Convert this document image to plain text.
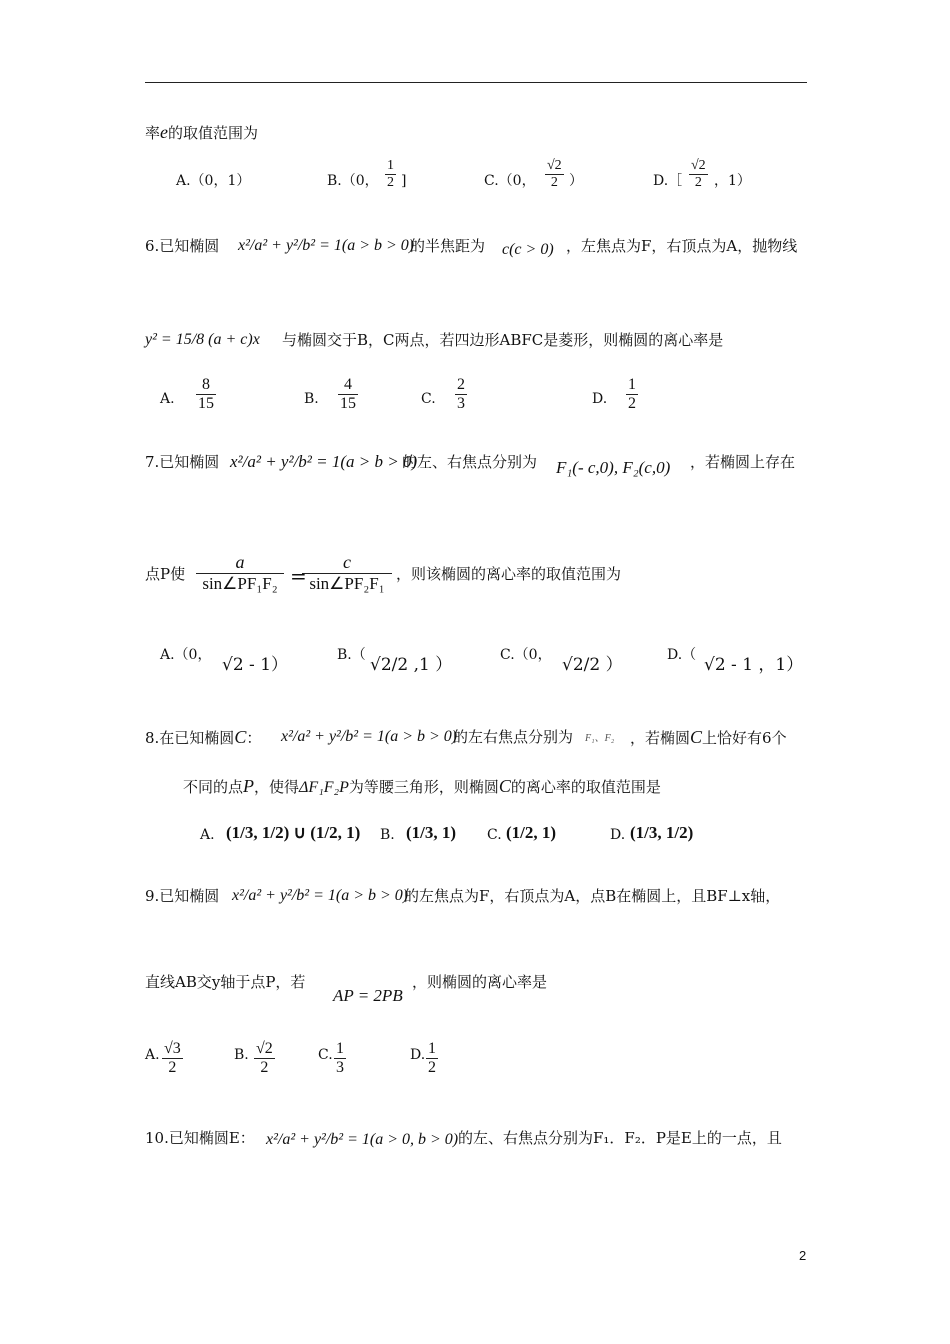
率e的取值范围为
A.（0，1）	B.（0， $\frac{1}{2}$ ]	C.（0， $\frac{√2}{2}$ ）	D.［ $\frac{√2}{2}$ ，1）
6.已知椭圆 x²/a² + y²/b² = 1(a > b > 0)
的半焦距为 c(c > 0) ，左焦点为F，右顶点为A，抛物线
y² = 15/8 (a + c)x 与椭圆交于B，C两点，若四边形ABFC是菱形，则椭圆的离心率是
A. $\frac{8}{15}$	B. $\frac{4}{15}$	C. $\frac{2}{3}$	D. $\frac{1}{2}$
7.已知椭圆 x²/a² + y²/b² = 1(a > b > 0)
的左、右焦点分别为 F₁(- c,0), F₂(c,0) ，若椭圆上存在
点P使 $\frac{a}{\text{sin∠PF₁F₂}}$ =
$\frac{c}{\text{sin∠PF₂F₁}}$ ，则该椭圆的离心率的取值范围为
A.（0， √2 - 1）	B.（ √2/2 ,1 ）	C.（0， √2/2 ）	D.（ √2 - 1 ，1）
8.在已知椭圆C： x²/a² + y²/b² = 1(a > b > 0)
的左右焦点分别为 F₁、F₂ ，若椭圆C上恰好有6个
不同的点P，使得ΔF₁F₂P为等腰三角形，则椭圆C的离心率的取值范围是
A. (1/3, 1/2) ∪ (1/2, 1) B. (1/3, 1) C. (1/2, 1)	D. (1/3, 1/2)
9.已知椭圆 x²/a² + y²/b² = 1(a > b > 0)
的左焦点为F，右顶点为A，点B在椭圆上，且BF⊥x轴，
直线AB交y轴于点P，若
AP = 2PB
，则椭圆的离心率是
A. $\frac{√3}{2}$	B. $\frac{√2}{2}$	C. $\frac{1}{3}$	D. $\frac{1}{2}$
10.已知椭圆E： x²/a² + y²/b² = 1(a > 0, b > 0) 的左、右焦点分别为F₁．F₂．P是E上的一点，且
2
